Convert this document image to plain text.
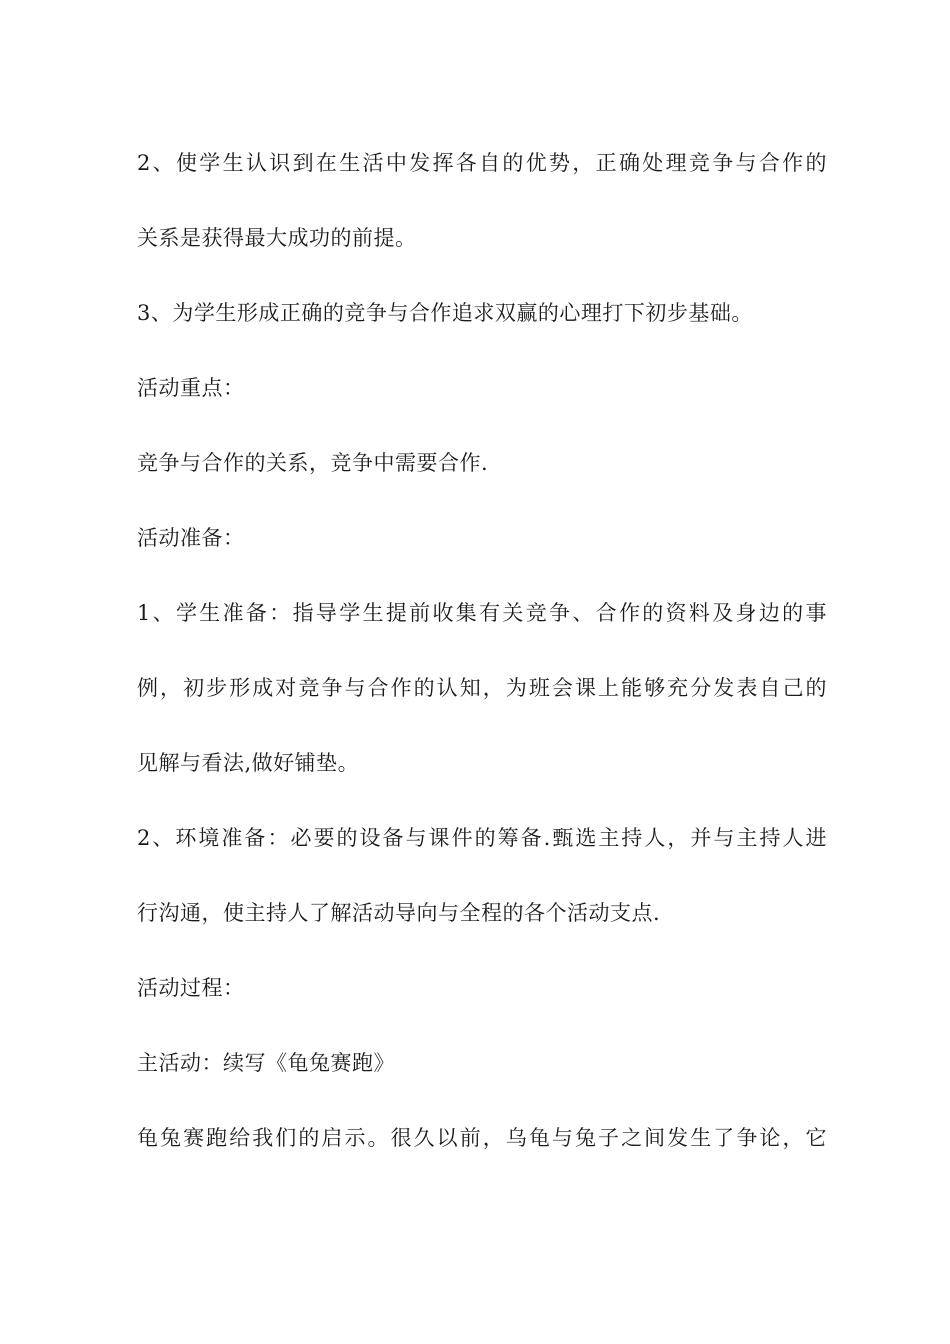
2、使学生认识到在生活中发挥各自的优势，正确处理竞争与合作的
关系是获得最大成功的前提。
3、为学生形成正确的竞争与合作追求双赢的心理打下初步基础。
活动重点：
竞争与合作的关系，竞争中需要合作.
活动准备：
1、学生准备：指导学生提前收集有关竞争、合作的资料及身边的事
例，初步形成对竞争与合作的认知，为班会课上能够充分发表自己的
见解与看法,做好铺垫。
2、环境准备：必要的设备与课件的筹备.甄选主持人，并与主持人进
行沟通，使主持人了解活动导向与全程的各个活动支点.
活动过程：
主活动：续写《龟兔赛跑》
龟兔赛跑给我们的启示。很久以前，乌龟与兔子之间发生了争论，它
